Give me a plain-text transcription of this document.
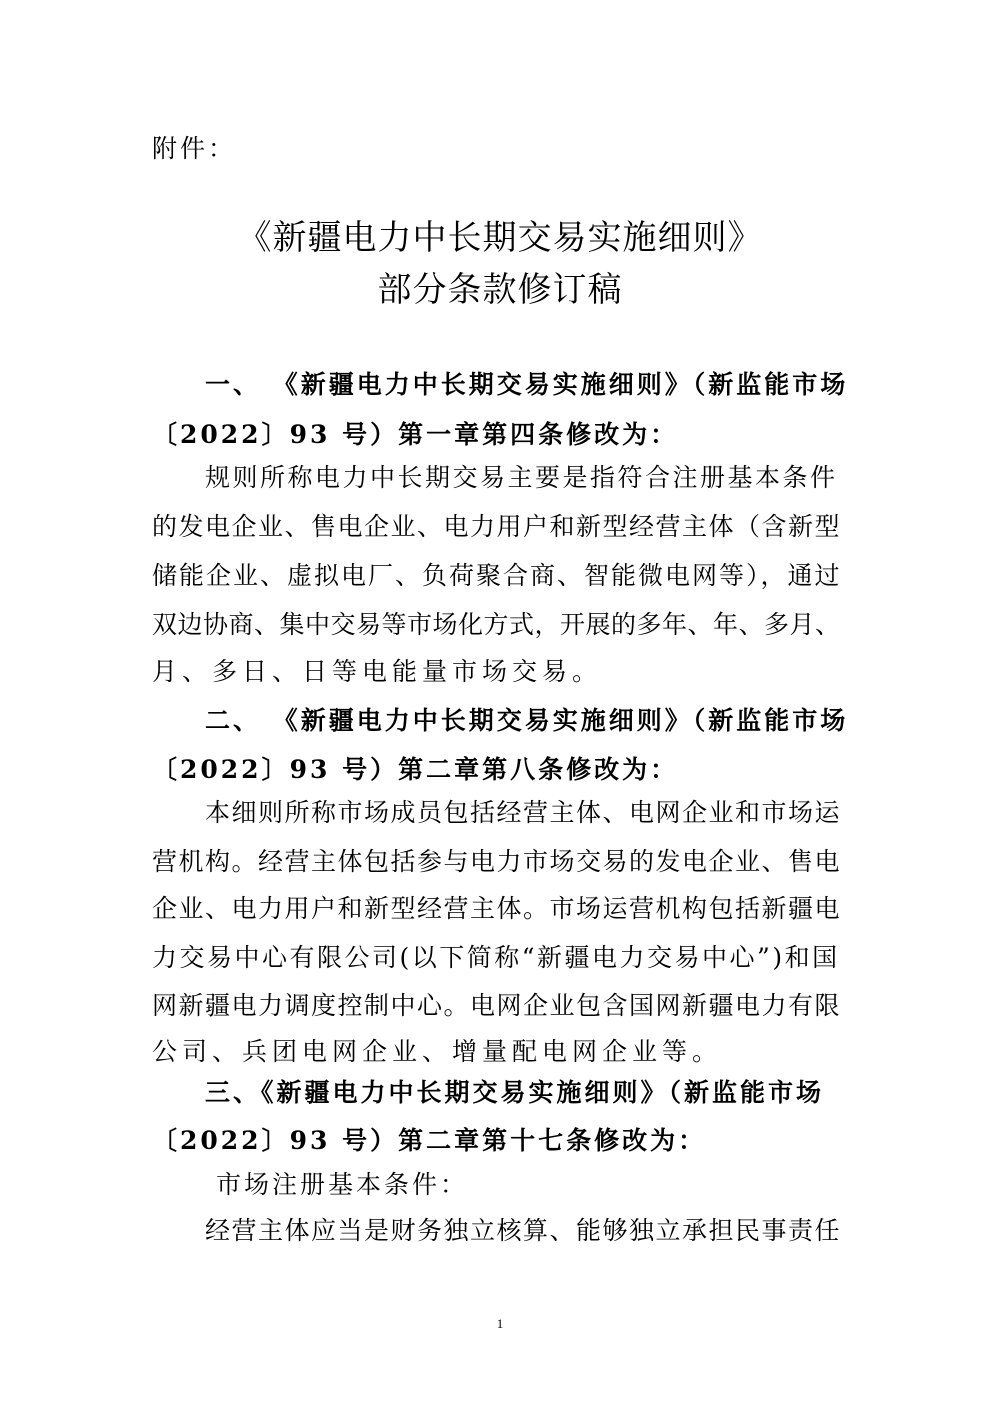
附件：
《新疆电力中长期交易实施细则》
部分条款修订稿
一、 《新疆电力中长期交易实施细则》（新监能市场
〔2022〕93 号）第一章第四条修改为：
规则所称电力中长期交易主要是指符合注册基本条件
的发电企业、售电企业、电力用户和新型经营主体（含新型
储能企业、虚拟电厂、负荷聚合商、智能微电网等），通过
双边协商、集中交易等市场化方式，开展的多年、年、多月、
月、多日、日等电能量市场交易。
二、 《新疆电力中长期交易实施细则》（新监能市场
〔2022〕93 号）第二章第八条修改为：
本细则所称市场成员包括经营主体、电网企业和市场运
营机构。经营主体包括参与电力市场交易的发电企业、售电
企业、电力用户和新型经营主体。市场运营机构包括新疆电
力交易中心有限公司(以下简称“新疆电力交易中心”)和国
网新疆电力调度控制中心。电网企业包含国网新疆电力有限
公司、兵团电网企业、增量配电网企业等。
三、《新疆电力中长期交易实施细则》（新监能市场
〔2022〕93 号）第二章第十七条修改为：
市场注册基本条件：
经营主体应当是财务独立核算、能够独立承担民事责任
1
